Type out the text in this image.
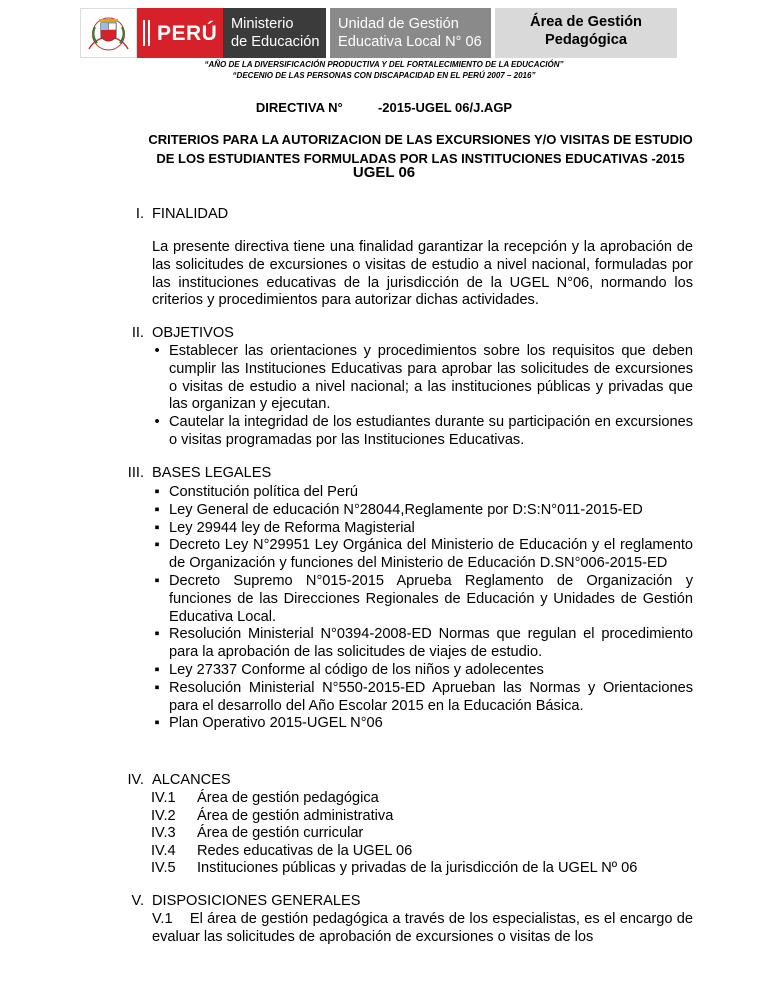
PERÚ Ministerio
de Educación
Unidad de Gestión
Educativa Local N° 06
Área de Gestión
Pedagógica
“AÑO DE LA DIVERSIFICACIÓN PRODUCTIVA Y DEL FORTALECIMIENTO DE LA EDUCACIÓN”
“DECENIO DE LAS PERSONAS CON DISCAPACIDAD EN EL PERÚ 2007 – 2016”
DIRECTIVA N°	-2015-UGEL 06/J.AGP
CRITERIOS PARA LA AUTORIZACION DE LAS EXCURSIONES Y/O VISITAS DE ESTUDIO DE LOS ESTUDIANTES FORMULADAS POR LAS INSTITUCIONES EDUCATIVAS -2015
UGEL 06
I. FINALIDAD
La presente directiva tiene una finalidad garantizar la recepción y la aprobación de las solicitudes de excursiones o visitas de estudio a nivel nacional, formuladas por las instituciones educativas de la jurisdicción de la UGEL N°06, normando los criterios y procedimientos para autorizar dichas actividades.
II. OBJETIVOS
• Establecer las orientaciones y procedimientos sobre los requisitos que deben cumplir las Instituciones Educativas para aprobar las solicitudes de excursiones o visitas de estudio a nivel nacional; a las instituciones públicas y privadas que las organizan y ejecutan.
• Cautelar la integridad de los estudiantes durante su participación en excursiones o visitas programadas por las Instituciones Educativas.
III. BASES LEGALES
▪ Constitución política del Perú
▪ Ley General de educación N°28044,Reglamente por D:S:N°011-2015-ED
▪ Ley 29944 ley de Reforma Magisterial
▪ Decreto Ley N°29951 Ley Orgánica del Ministerio de Educación y el reglamento de Organización y funciones del Ministerio de Educación D.SN°006-2015-ED
▪ Decreto Supremo N°015-2015 Aprueba Reglamento de Organización y funciones de las Direcciones Regionales de Educación y Unidades de Gestión Educativa Local.
▪ Resolución Ministerial N°0394-2008-ED Normas que regulan el procedimiento para la aprobación de las solicitudes de viajes de estudio.
▪ Ley 27337 Conforme al código de los niños y adolecentes
▪ Resolución Ministerial N°550-2015-ED Aprueban las Normas y Orientaciones para el desarrollo del Año Escolar 2015 en la Educación Básica.
▪ Plan Operativo 2015-UGEL N°06
IV. ALCANCES
IV.1	Área de gestión pedagógica
IV.2	Área de gestión administrativa
IV.3	Área de gestión curricular
IV.4	Redes educativas de la UGEL 06
IV.5	Instituciones públicas y privadas de la jurisdicción de la UGEL Nº 06
V. DISPOSICIONES GENERALES
V.1 El área de gestión pedagógica a través de los especialistas, es el encargo de evaluar las solicitudes de aprobación de excursiones o visitas de los
